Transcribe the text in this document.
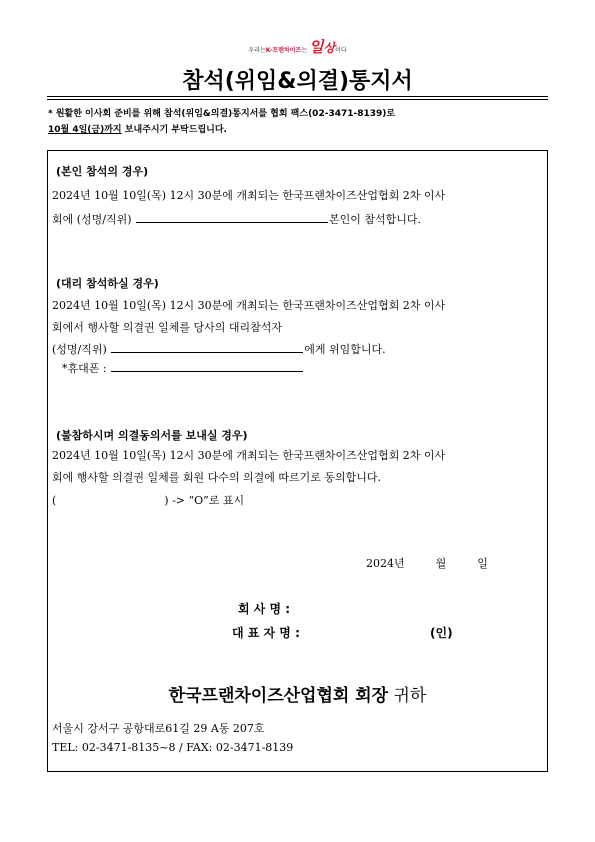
우리는K-프랜차이즈는 일상이다
참석(위임&의결)통지서
* 원활한 이사회 준비를 위해 참석(위임&의결)통지서를 협회 팩스(02-3471-8139)로
10월 4일(금)까지 보내주시기 부탁드립니다.
(본인 참석의 경우)
2024년 10월 10일(목) 12시 30분에 개최되는 한국프랜차이즈산업협회 2차 이사
회에 (성명/직위)	본인이 참석합니다.
(대리 참석하실 경우)
2024년 10월 10일(목) 12시 30분에 개최되는 한국프랜차이즈산업협회 2차 이사
회에서 행사할 의결권 일체를 당사의 대리참석자
(성명/직위)	에게 위임합니다.
*휴대폰 :
(불참하시며 의결동의서를 보내실 경우)
2024년 10월 10일(목) 12시 30분에 개최되는 한국프랜차이즈산업협회 2차 이사
회에 행사할 의결권 일체를 회원 다수의 의결에 따르기로 동의합니다.
(	) -> “O”로 표시
2024년	월	일
회 사 명 :
대 표 자 명 :	(인)
한국프랜차이즈산업협회 회장 귀하
서울시 강서구 공항대로61길 29 A동 207호
TEL: 02-3471-8135~8 / FAX: 02-3471-8139
